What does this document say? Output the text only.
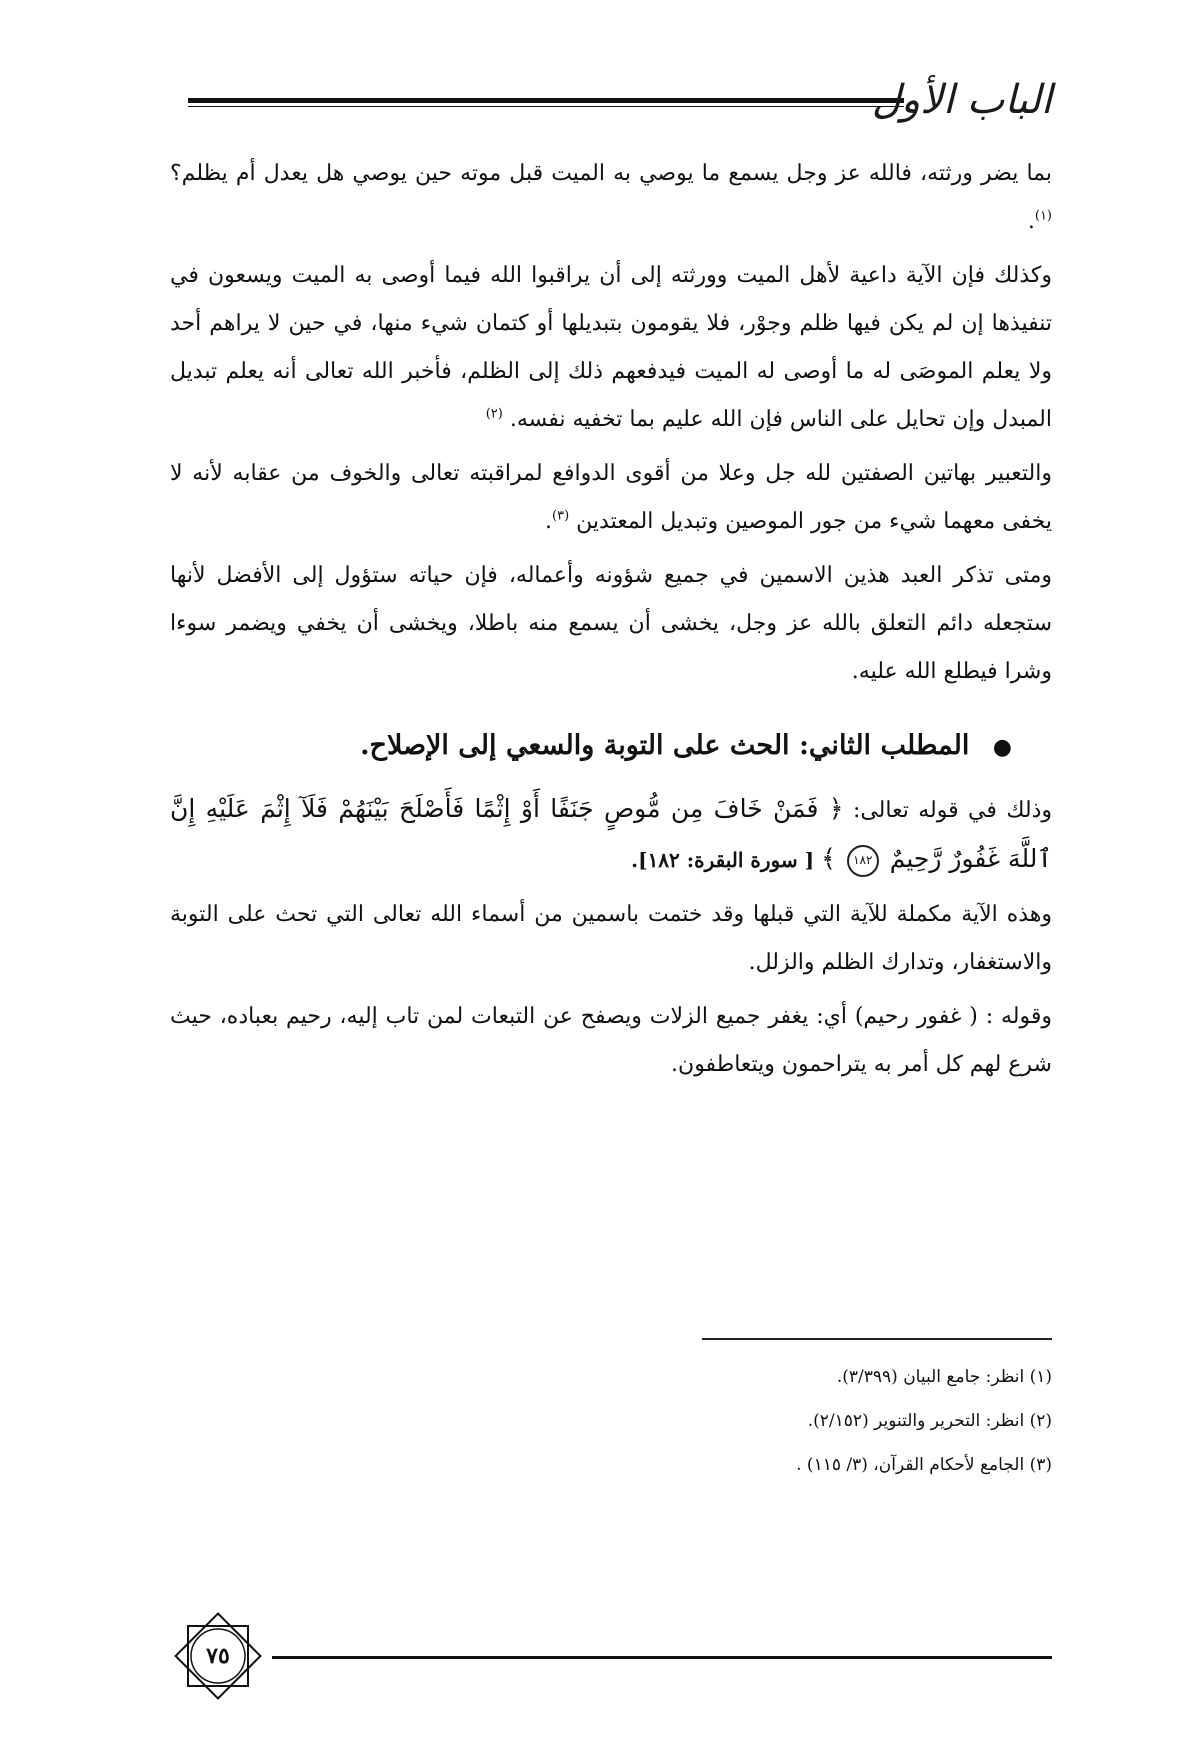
الباب الأول

بما يضر ورثته، فالله عز وجل يسمع ما يوصي به الميت قبل موته حين يوصي هل يعدل أم يظلم؟ $^{(١)}$.

وكذلك فإن الآية داعية لأهل الميت وورثته إلى أن يراقبوا الله فيما أوصى به الميت ويسعون في تنفيذها إن لم يكن فيها ظلم وجوْر، فلا يقومون بتبديلها أو كتمان شيء منها، في حين لا يراهم أحد ولا يعلم الموصَى له ما أوصى له الميت فيدفعهم ذلك إلى الظلم، فأخبر الله تعالى أنه يعلم تبديل المبدل وإن تحايل على الناس فإن الله عليم بما تخفيه نفسه. $^{(٢)}$

والتعبير بهاتين الصفتين لله جل وعلا من أقوى الدوافع لمراقبته تعالى والخوف من عقابه لأنه لا يخفى معهما شيء من جور الموصين وتبديل المعتدين $^{(٣)}$.

ومتى تذكر العبد هذين الاسمين في جميع شؤونه وأعماله، فإن حياته ستؤول إلى الأفضل لأنها ستجعله دائم التعلق بالله عز وجل، يخشى أن يسمع منه باطلا، ويخشى أن يخفي ويضمر سوءا وشرا فيطلع الله عليه.

● المطلب الثاني: الحث على التوبة والسعي إلى الإصلاح.

وذلك في قوله تعالى: ﴿ فَمَنْ خَافَ مِن مُّوصٍ جَنَفًا أَوْ إِثْمًا فَأَصْلَحَ بَيْنَهُمْ فَلَآ إِثْمَ عَلَيْهِ إِنَّ ٱللَّهَ غَفُورٌ رَّحِيمٌ ١٨٢ ﴾ [ سورة البقرة: ١٨٢].

وهذه الآية مكملة للآية التي قبلها وقد ختمت باسمين من أسماء الله تعالى التي تحث على التوبة والاستغفار، وتدارك الظلم والزلل.

وقوله : ( غفور رحيم) أي: يغفر جميع الزلات ويصفح عن التبعات لمن تاب إليه، رحيم بعباده، حيث شرع لهم كل أمر به يتراحمون ويتعاطفون.

(١) انظر: جامع البيان (٣/٣٩٩).

(٢) انظر: التحرير والتنوير (٢/١٥٢).

(٣) الجامع لأحكام القرآن، (٣/ ١١٥) .

٧٥
